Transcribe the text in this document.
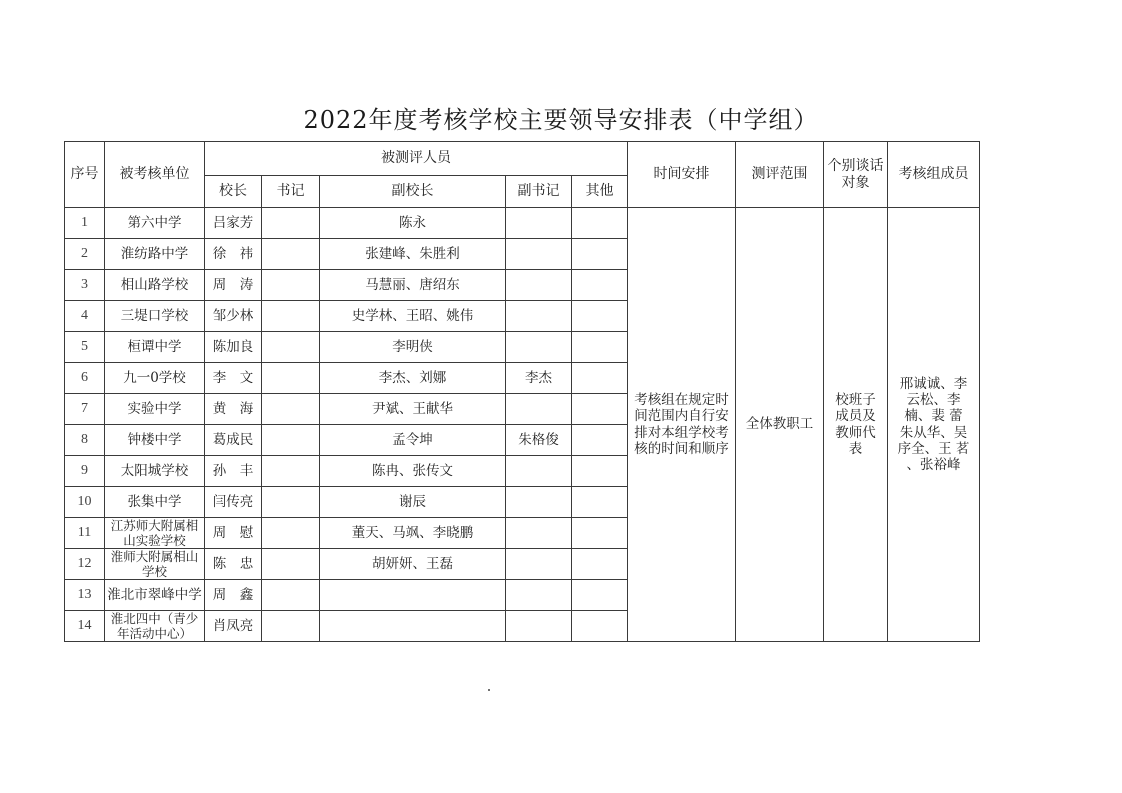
2022年度考核学校主要领导安排表（中学组）
序号	被考核单位	被测评人员					时间安排	测评范围	个别谈话对象	考核组成员
		校长	书记	副校长	副书记	其他				
1	第六中学	吕家芳		陈永			考核组在规定时间范围内自行安排对本组学校考核的时间和顺序	全体教职工	校班子成员及教师代表	邢诚诚、李云松、李 楠、裴 蕾　朱从华、吴序全、王 茗 、张裕峰
2	淮纺路中学	徐　祎		张建峰、朱胜利						
3	相山路学校	周　涛		马慧丽、唐绍东						
4	三堤口学校	邹少林		史学林、王昭、姚伟						
5	桓谭中学	陈加良		李明侠						
6	九一0学校	李　文		李杰、刘娜	李杰					
7	实验中学	黄　海		尹斌、王献华						
8	钟楼中学	葛成民		孟令坤	朱格俊					
9	太阳城学校	孙　丰		陈冉、张传文						
10	张集中学	闫传亮		谢辰						
11	江苏师大附属相山实验学校	周　慰		董天、马飒、李晓鹏						
12	淮师大附属相山学校	陈　忠		胡妍妍、王磊						
13	淮北市翠峰中学	周　鑫								
14	淮北四中（青少年活动中心）	肖凤亮								
